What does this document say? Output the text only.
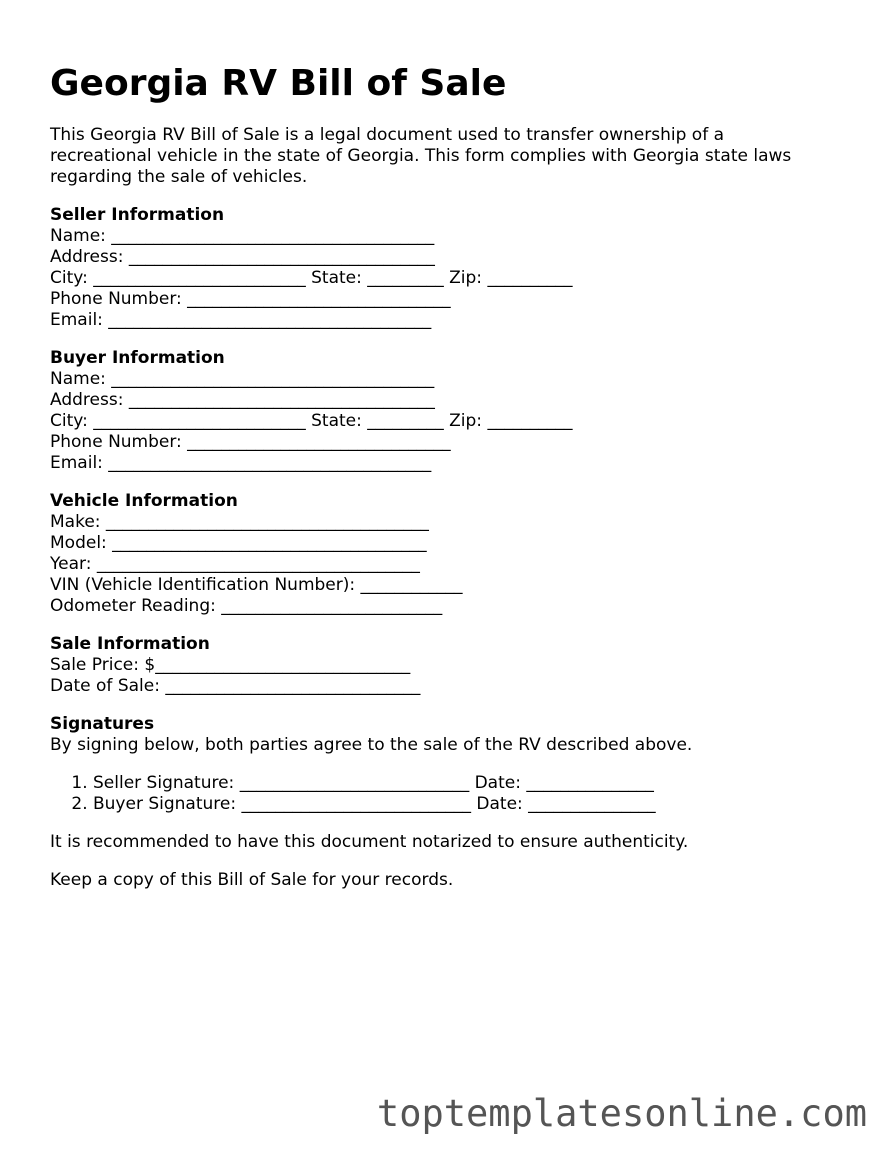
Georgia RV Bill of Sale

This Georgia RV Bill of Sale is a legal document used to transfer ownership of a recreational vehicle in the state of Georgia. This form complies with Georgia state laws regarding the sale of vehicles.

Seller Information

Name: ______________________________________

Address: ____________________________________

City: _________________________ State: _________ Zip: __________

Phone Number: _______________________________

Email: ______________________________________

Buyer Information

Name: ______________________________________

Address: ____________________________________

City: _________________________ State: _________ Zip: __________

Phone Number: _______________________________

Email: ______________________________________

Vehicle Information

Make: ______________________________________

Model: _____________________________________

Year: ______________________________________

VIN (Vehicle Identification Number): ____________

Odometer Reading: __________________________

Sale Information

Sale Price: $______________________________

Date of Sale: ______________________________

Signatures

By signing below, both parties agree to the sale of the RV described above.

1. Seller Signature: ___________________________ Date: _______________
2. Buyer Signature: ___________________________ Date: _______________

It is recommended to have this document notarized to ensure authenticity.

Keep a copy of this Bill of Sale for your records.

toptemplatesonline.com
